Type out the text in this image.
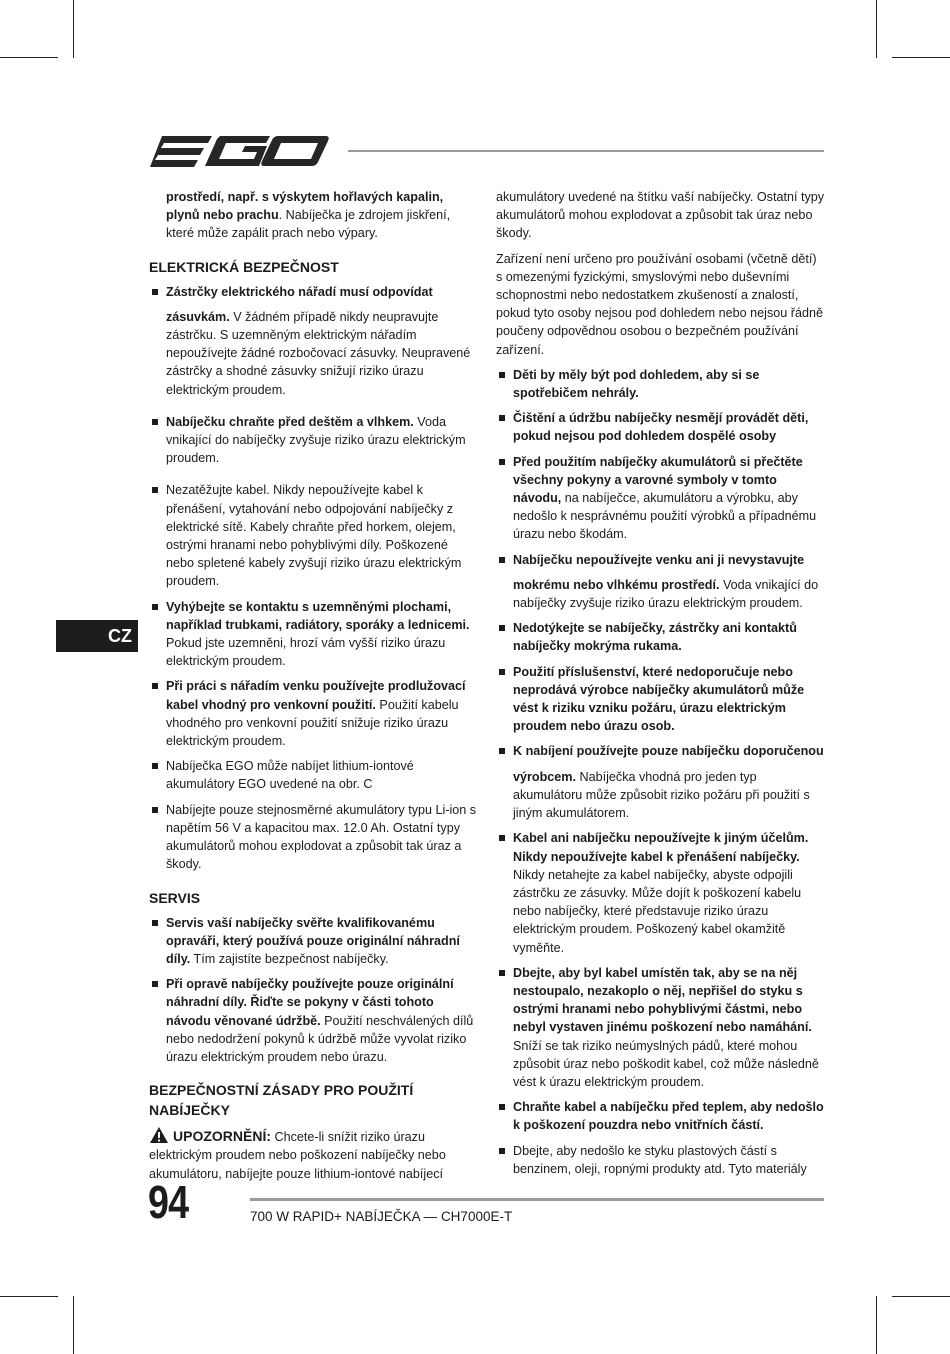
CZ

prostředí, např. s výskytem hořlavých kapalin, plynů nebo prachu. Nabíječka je zdrojem jiskření, které může zapálit prach nebo výpary.

ELEKTRICKÁ BEZPEČNOST
Zástrčky elektrického nářadí musí odpovídat

zásuvkám. V žádném případě nikdy neupravujte zástrčku. S uzemněným elektrickým nářadím nepoužívejte žádné rozbočovací zásuvky. Neupravené zástrčky a shodné zásuvky snižují riziko úrazu elektrickým proudem.

Nabíječku chraňte před deštěm a vlhkem. Voda vnikající do nabíječky zvyšuje riziko úrazu elektrickým proudem.
Nezatěžujte kabel. Nikdy nepoužívejte kabel k přenášení, vytahování nebo odpojování nabíječky z elektrické sítě. Kabely chraňte před horkem, olejem, ostrými hranami nebo pohyblivými díly. Poškozené nebo spletené kabely zvyšují riziko úrazu elektrickým proudem.
Vyhýbejte se kontaktu s uzemněnými plochami, například trubkami, radiátory, sporáky a lednicemi. Pokud jste uzemněni, hrozí vám vyšší riziko úrazu elektrickým proudem.
Při práci s nářadím venku používejte prodlužovací kabel vhodný pro venkovní použití. Použití kabelu vhodného pro venkovní použití snižuje riziko úrazu elektrickým proudem.
Nabíječka EGO může nabíjet lithium-iontové akumulátory EGO uvedené na obr. C
Nabíjejte pouze stejnosměrné akumulátory typu Li-ion s napětím 56 V a kapacitou max. 12.0 Ah. Ostatní typy akumulátorů mohou explodovat a způsobit tak úraz a škody.
SERVIS
Servis vaší nabíječky svěřte kvalifikovanému opraváři, který používá pouze originální náhradní díly. Tím zajistíte bezpečnost nabíječky.
Při opravě nabíječky používejte pouze originální náhradní díly. Řiďte se pokyny v části tohoto návodu věnované údržbě. Použití neschválených dílů nebo nedodržení pokynů k údržbě může vyvolat riziko úrazu elektrickým proudem nebo úrazu.
BEZPEČNOSTNÍ ZÁSADY PRO POUŽITÍ NABÍJEČKY

UPOZORNĚNÍ: Chcete-li snížit riziko úrazu elektrickým proudem nebo poškození nabíječky nebo akumulátoru, nabíjejte pouze lithium-iontové nabíjecí

akumulátory uvedené na štítku vaší nabíječky. Ostatní typy akumulátorů mohou explodovat a způsobit tak úraz nebo škody.

Zařízení není určeno pro používání osobami (včetně dětí) s omezenými fyzickými, smyslovými nebo duševními schopnostmi nebo nedostatkem zkušeností a znalostí, pokud tyto osoby nejsou pod dohledem nebo nejsou řádně poučeny odpovědnou osobou o bezpečném používání zařízení.

Děti by měly být pod dohledem, aby si se spotřebičem nehrály.
Čištění a údržbu nabíječky nesmějí provádět děti, pokud nejsou pod dohledem dospělé osoby
Před použitím nabíječky akumulátorů si přečtěte všechny pokyny a varovné symboly v tomto návodu, na nabíječce, akumulátoru a výrobku, aby nedošlo k nesprávnému použití výrobků a případnému úrazu nebo škodám.
Nabíječku nepoužívejte venku ani ji nevystavujte

mokrému nebo vlhkému prostředí. Voda vnikající do nabíječky zvyšuje riziko úrazu elektrickým proudem.

Nedotýkejte se nabíječky, zástrčky ani kontaktů nabíječky mokrýma rukama.
Použití příslušenství, které nedoporučuje nebo neprodává výrobce nabíječky akumulátorů může vést k riziku vzniku požáru, úrazu elektrickým proudem nebo úrazu osob.
K nabíjení používejte pouze nabíječku doporučenou

výrobcem. Nabíječka vhodná pro jeden typ akumulátoru může způsobit riziko požáru při použití s jiným akumulátorem.

Kabel ani nabíječku nepoužívejte k jiným účelům. Nikdy nepoužívejte kabel k přenášení nabíječky. Nikdy netahejte za kabel nabíječky, abyste odpojili zástrčku ze zásuvky. Může dojít k poškození kabelu nebo nabíječky, které představuje riziko úrazu elektrickým proudem. Poškozený kabel okamžitě vyměňte.
Dbejte, aby byl kabel umístěn tak, aby se na něj nestoupalo, nezakoplo o něj, nepřišel do styku s ostrými hranami nebo pohyblivými částmi, nebo nebyl vystaven jinému poškození nebo namáhání. Sníží se tak riziko neúmyslných pádů, které mohou způsobit úraz nebo poškodit kabel, což může následně vést k úrazu elektrickým proudem.
Chraňte kabel a nabíječku před teplem, aby nedošlo k poškození pouzdra nebo vnitřních částí.
Dbejte, aby nedošlo ke styku plastových částí s benzinem, oleji, ropnými produkty atd. Tyto materiály
94	700 W RAPID+ NABÍJEČKA — CH7000E-T
